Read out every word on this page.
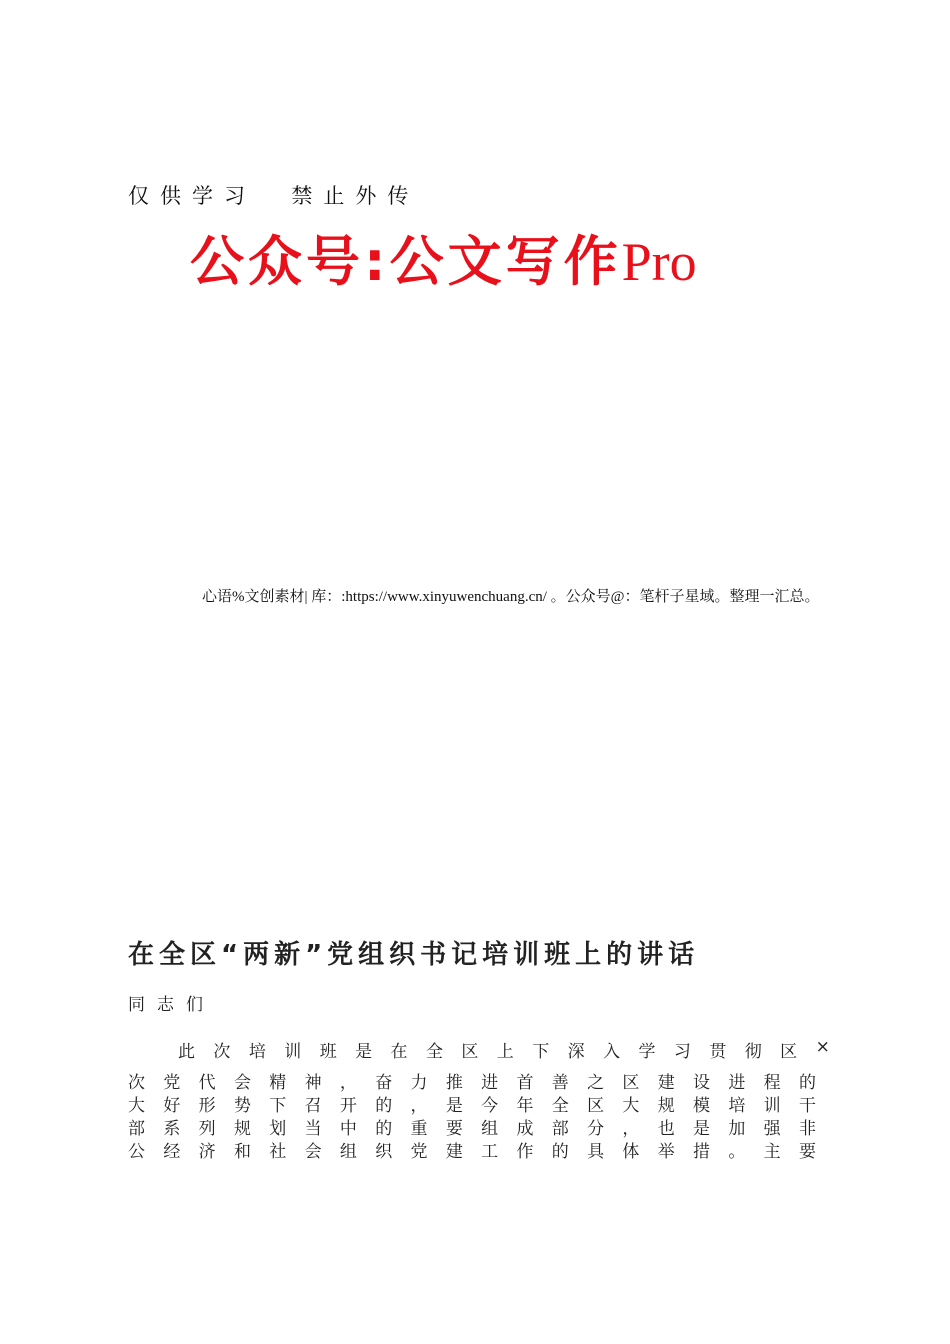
仅供学习  禁止外传
公众号:公文写作Pro
心语%文创素材| 库：:https://www.xinyuwenchuang.cn/ 。公众号@：笔杆子星域。整理一汇总。
在全区“两新”党组织书记培训班上的讲话
同志们
此 次 培 训 班 是 在 全 区 上 下 深 入 学 习 贯 彻 区 ×
次 党 代 会 精 神 ， 奋 力 推 进 首 善 之 区 建 设 进 程 的
大 好 形 势 下 召 开 的 ， 是 今 年 全 区 大 规 模 培 训 干
部 系 列 规 划 当 中 的 重 要 组 成 部 分 ， 也 是 加 强 非
公 经 济 和 社 会 组 织 党 建 工 作 的 具 体 举 措 。 主 要
